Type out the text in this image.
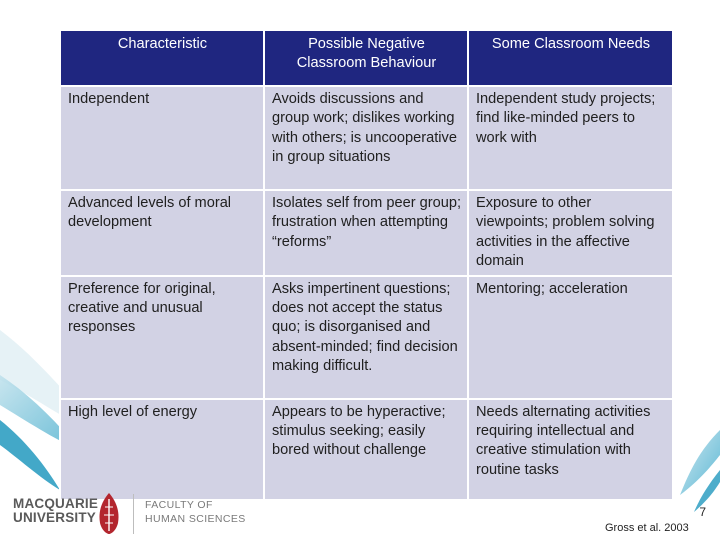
Characteristic	Possible Negative Classroom Behaviour	Some Classroom Needs
Independent	Avoids discussions and group work; dislikes working with others; is uncooperative in group situations	Independent study projects; find like-minded peers to work with
Advanced levels of moral development	Isolates self from peer group; frustration when attempting “reforms”	Exposure to other viewpoints; problem solving activities in the affective domain
Preference for original, creative and unusual responses	Asks impertinent questions; does not accept the status quo; is disorganised and absent-minded; find decision making difficult.	Mentoring; acceleration
High level of energy	Appears to be hyperactive; stimulus seeking; easily bored without challenge	Needs alternating activities requiring intellectual and creative stimulation with routine tasks
MACQUARIE
UNIVERSITY
FACULTY OF
HUMAN SCIENCES	7
Gross et al. 2003
